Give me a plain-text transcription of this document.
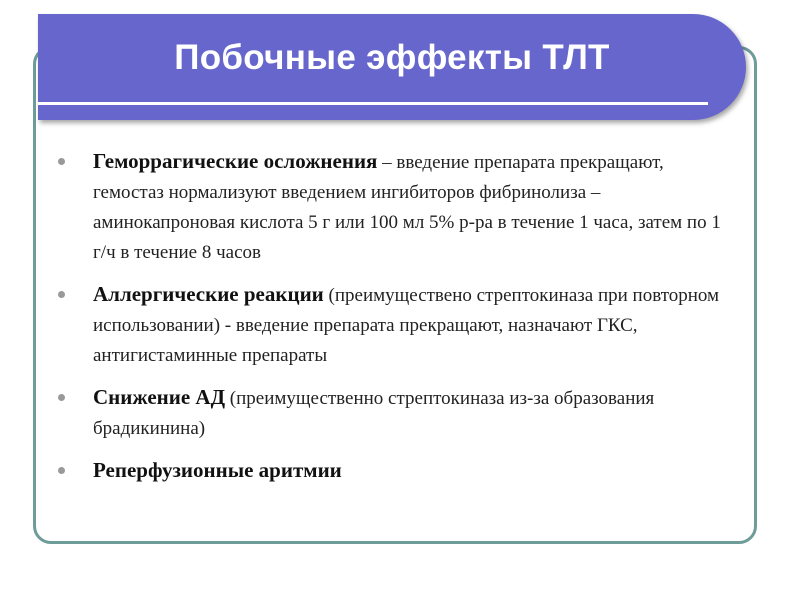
Побочные эффекты ТЛТ
Геморрагические осложнения – введение препарата прекращают, гемостаз нормализуют введением ингибиторов фибринолиза – аминокапроновая кислота 5 г или 100 мл 5% р-ра в течение 1 часа, затем по 1 г/ч в течение 8 часов
Аллергические реакции (преимуществено стрептокиназа при повторном использовании) - введение препарата прекращают, назначают ГКС, антигистаминные препараты
Снижение АД (преимущественно стрептокиназа из-за образования брадикинина)
Реперфузионные аритмии
